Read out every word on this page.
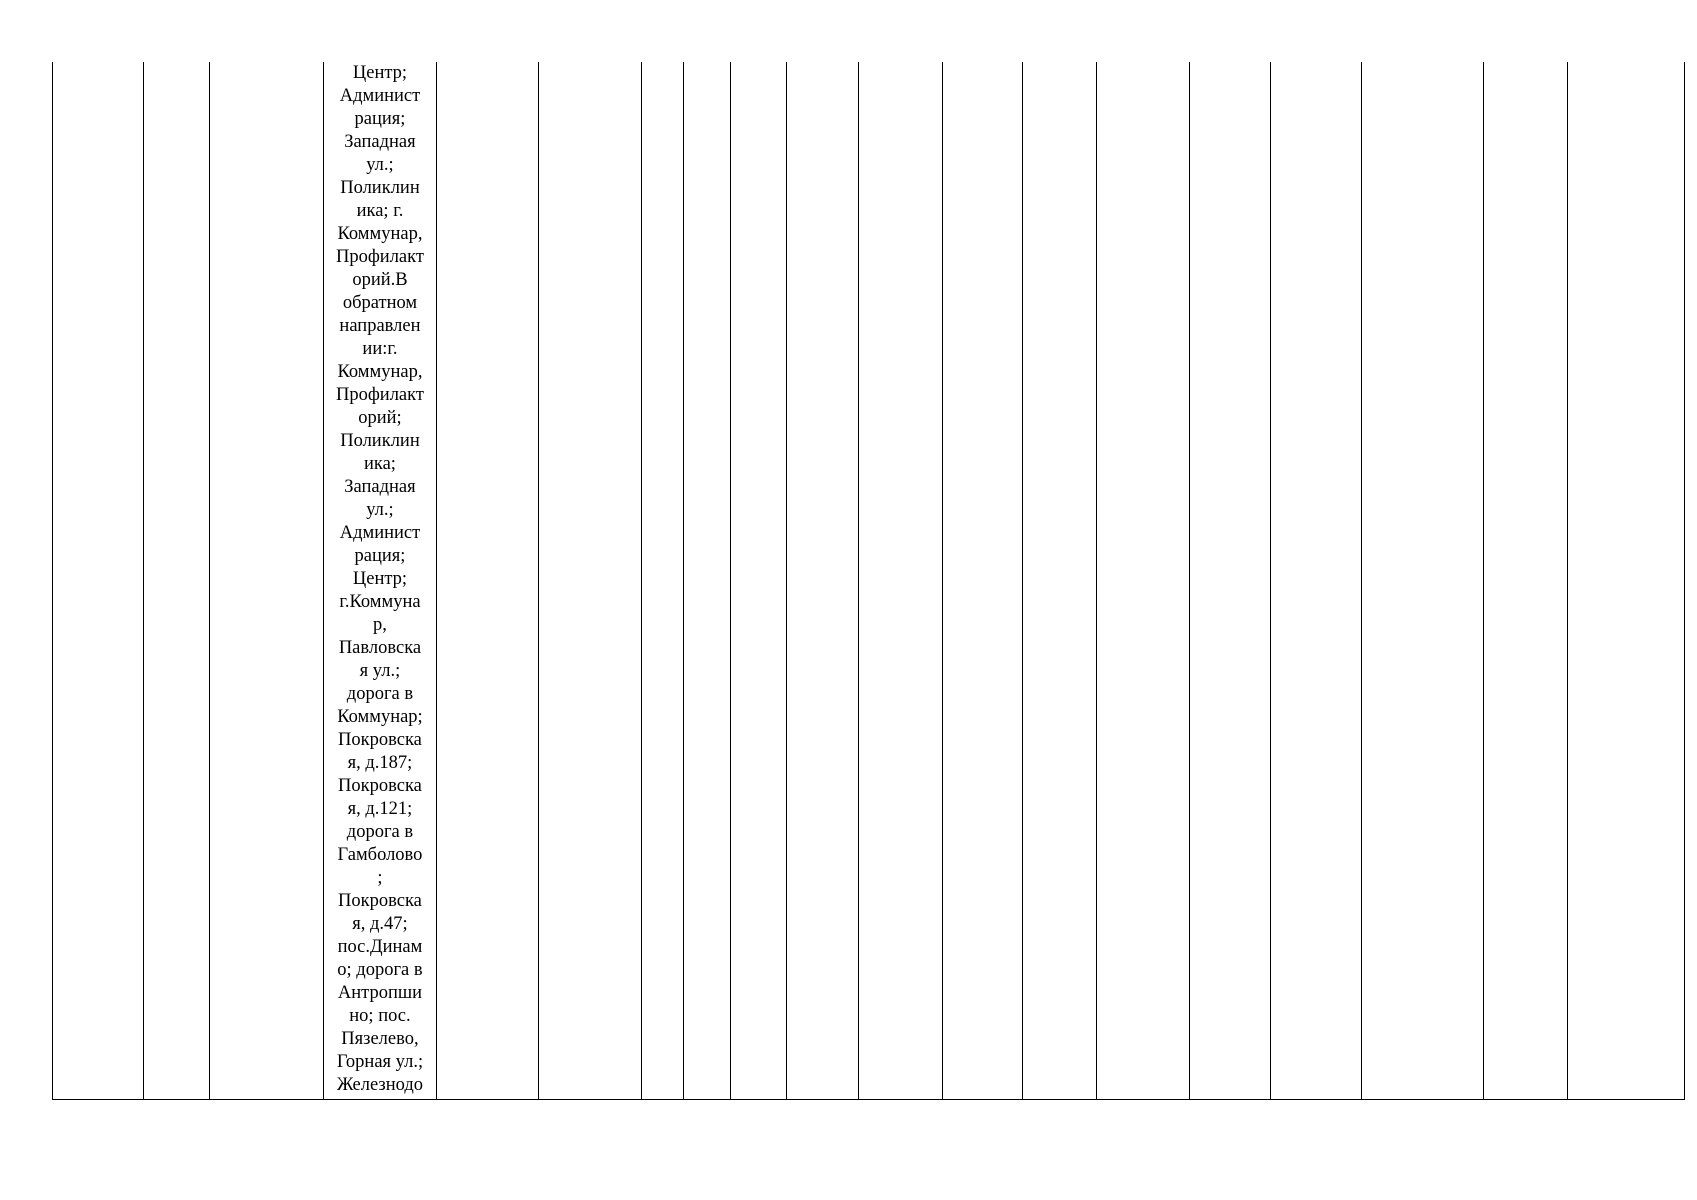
Центр;
Админист
рация;
Западная
ул.;
Поликлин
ика; г.
Коммунар,
Профилакт
орий.В
обратном
направлен
ии:г.
Коммунар,
Профилакт
орий;
Поликлин
ика;
Западная
ул.;
Админист
рация;
Центр;
г.Коммуна
р,
Павловска
я ул.;
дорога в
Коммунар;
Покровска
я, д.187;
Покровска
я, д.121;
дорога в
Гамболово
;
Покровска
я, д.47;
пос.Динам
о; дорога в
Антропши
но; пос.
Пязелево,
Горная ул.;
Железнодо
